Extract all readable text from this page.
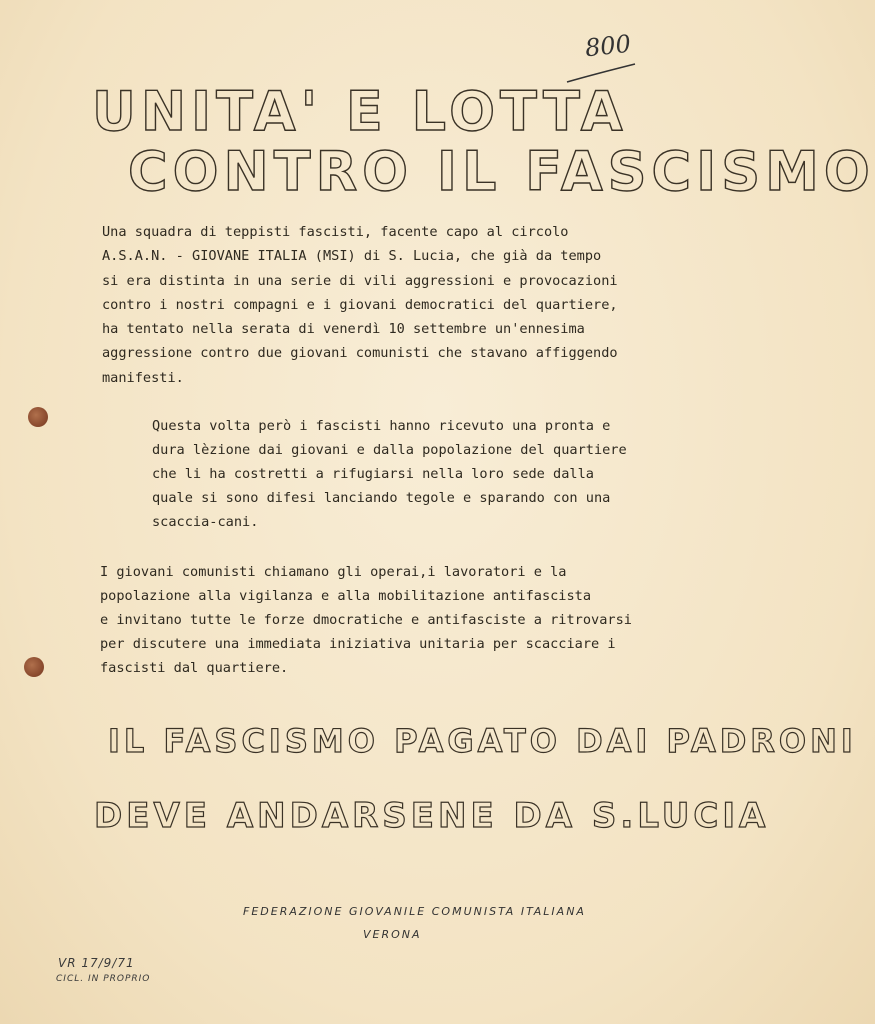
800
UNITA' E LOTTA
CONTRO IL FASCISMO
Una squadra di teppisti fascisti, facente capo al circolo
A.S.A.N. - GIOVANE ITALIA (MSI) di S. Lucia, che già da tempo
si era distinta in una serie di vili aggressioni e provocazioni
contro i nostri compagni e i giovani democratici del quartiere,
ha tentato nella serata di venerdì 10 settembre un'ennesima
aggressione contro due giovani comunisti che stavano affiggendo
manifesti.
Questa volta però i fascisti hanno ricevuto una pronta e
dura lèzione dai giovani e dalla popolazione del quartiere
che li ha costretti a rifugiarsi nella loro sede dalla
quale si sono difesi lanciando tegole e sparando con una
scaccia-cani.
I giovani comunisti chiamano gli operai,i lavoratori e la
popolazione alla vigilanza e alla mobilitazione antifascista
e invitano tutte le forze dmocratiche e antifasciste a ritrovarsi
per discutere una immediata iniziativa unitaria per scacciare i
fascisti dal quartiere.
IL FASCISMO PAGATO DAI PADRONI
DEVE ANDARSENE DA S.LUCIA
FEDERAZIONE GIOVANILE COMUNISTA ITALIANA
VERONA
VR 17/9/71
CICL. IN PROPRIO
